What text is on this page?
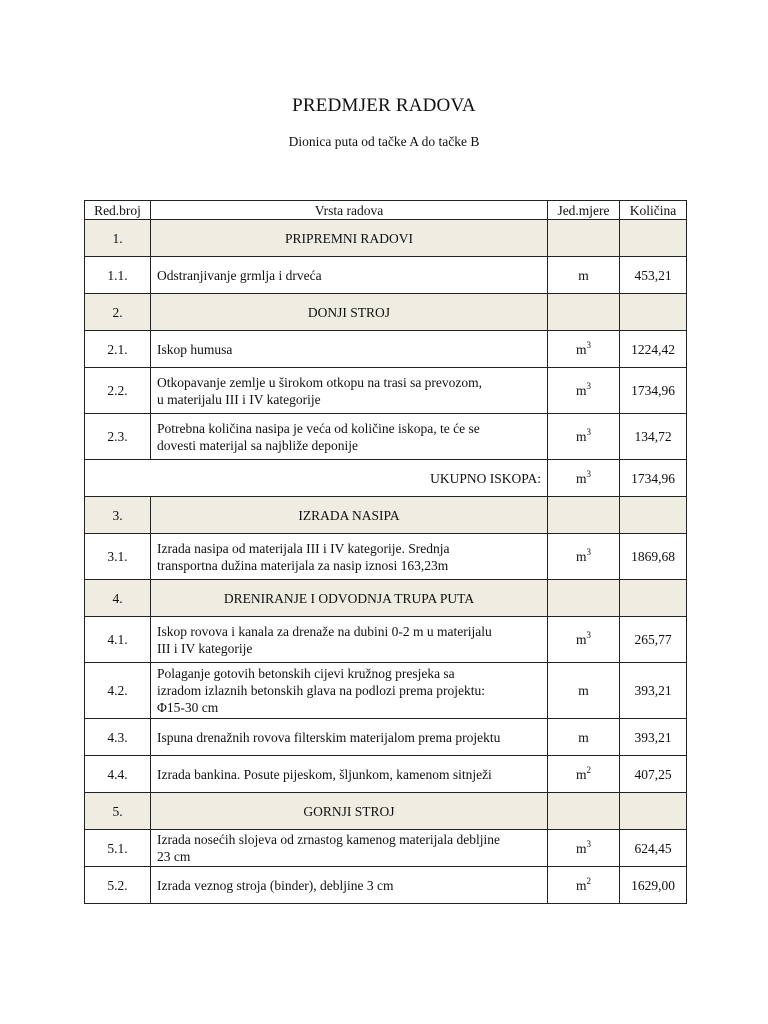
PREDMJER RADOVA
Dionica puta od tačke A do tačke B
Red.broj	Vrsta radova	Jed.mjere	Količina
1.	PRIPREMNI RADOVI		
1.1.	Odstranjivanje grmlja i drveća	m	453,21
2.	DONJI STROJ		
2.1.	Iskop humusa	$m^3$	1224,42
2.2.	Otkopavanje zemlje u širokom otkopu na trasi sa prevozom,
u materijalu III i IV kategorije	$m^3$	1734,96
2.3.	Potrebna količina nasipa je veća od količine iskopa, te će se
dovesti materijal sa najbliže deponije	$m^3$	134,72
UKUPNO ISKOPA:		$m^3$	1734,96
3.	IZRADA NASIPA		
3.1.	Izrada nasipa od materijala III i IV kategorije. Srednja
transportna dužina materijala za nasip iznosi 163,23m	$m^3$	1869,68
4.	DRENIRANJE I ODVODNJA TRUPA PUTA		
4.1.	Iskop rovova i kanala za drenaže na dubini 0-2 m u materijalu
III i IV kategorije	$m^3$	265,77
4.2.	Polaganje gotovih betonskih cijevi kružnog presjeka sa
izradom izlaznih betonskih glava na podlozi prema projektu:
Φ15-30 cm	m	393,21
4.3.	Ispuna drenažnih rovova filterskim materijalom prema projektu	m	393,21
4.4.	Izrada bankina. Posute pijeskom, šljunkom, kamenom sitnježi	$m^2$	407,25
5.	GORNJI STROJ		
5.1.	Izrada nosećih slojeva od zrnastog kamenog materijala debljine
23 cm	$m^3$	624,45
5.2.	Izrada veznog stroja (binder), debljine 3 cm	$m^2$	1629,00
